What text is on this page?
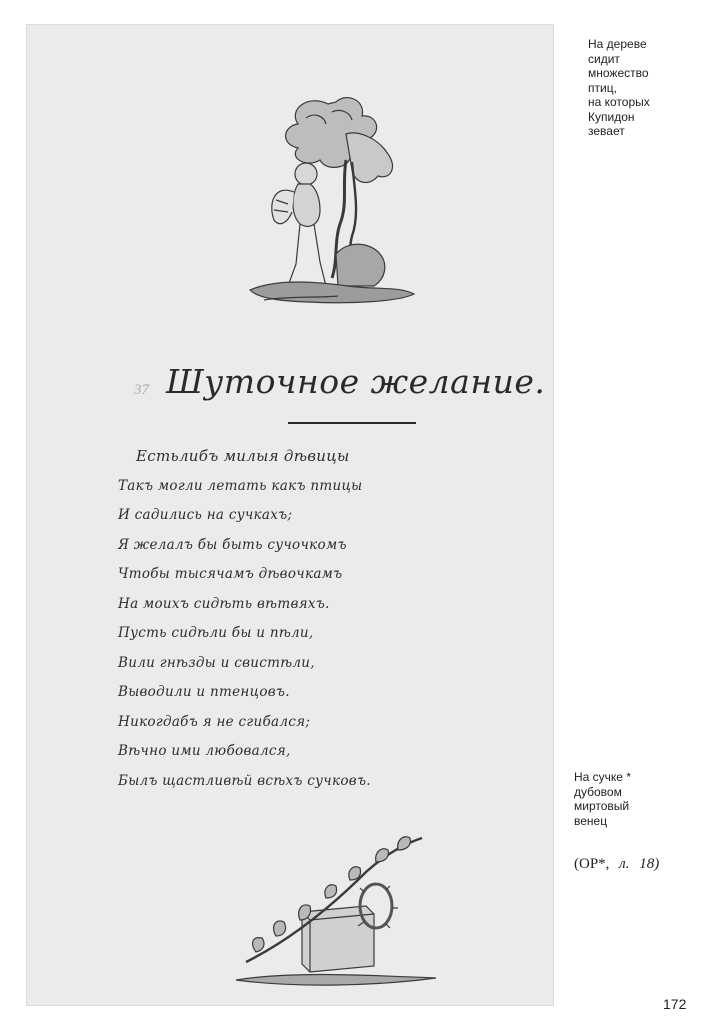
37 Шуточное желание.
Естьлибъ милыя дѣвицы
Такъ могли летать какъ птицы
И садились на сучкахъ;
Я желалъ бы быть сучочкомъ
Чтобы тысячамъ дѣвочкамъ
На моихъ сидѣть вѣтвяхъ.
Пусть сидѣли бы и пѣли,
Вили гнѣзды и свистѣли,
Выводили и птенцовъ.
Никогдабъ я не сгибался;
Вѣчно ими любовался,
Былъ щастливѣй всѣхъ сучковъ.
На дереве
сидит
множество
птиц,
на которых
Купидон
зевает
На сучке *
дубовом
миртовый
венец
(ОР*, л. 18)
172
